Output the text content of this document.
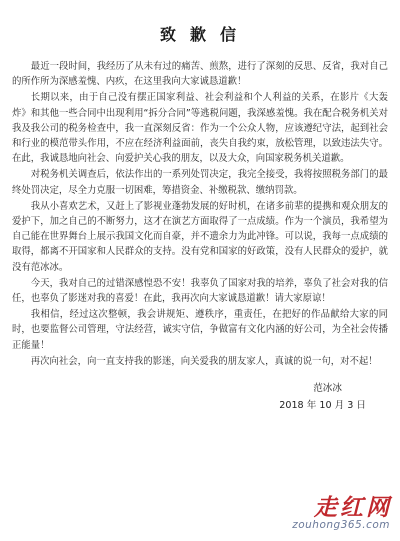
致歉信

最近一段时间，我经历了从未有过的痛苦、煎熬，进行了深刻的反思、反省，我对自己的所作所为深感羞愧、内疚，在这里我向大家诚恳道歉！

长期以来，由于自己没有摆正国家利益、社会利益和个人利益的关系，在影片《大轰炸》和其他一些合同中出现利用“拆分合同”等逃税问题，我深感羞愧。我在配合税务机关对我及我公司的税务检查中，我一直深刻反省：作为一个公众人物，应该遵纪守法，起到社会和行业的模范带头作用，不应在经济利益面前，丧失自我约束，放松管理，以致违法失守。在此，我诚恳地向社会、向爱护关心我的朋友，以及大众，向国家税务机关道歉。

对税务机关调查后，依法作出的一系列处罚决定，我完全接受，我将按照税务部门的最终处罚决定，尽全力克服一切困难，筹措资金、补缴税款、缴纳罚款。

我从小喜欢艺术，又赶上了影视业蓬勃发展的好时机，在诸多前辈的提携和观众朋友的爱护下，加之自己的不断努力，这才在演艺方面取得了一点成绩。作为一个演员，我希望为自己能在世界舞台上展示我国文化而自豪，并不遗余力为此冲锋。可以说，我每一点成绩的取得，都离不开国家和人民群众的支持。没有党和国家的好政策，没有人民群众的爱护，就没有范冰冰。

今天，我对自己的过错深感惶恐不安！我辜负了国家对我的培养，辜负了社会对我的信任，也辜负了影迷对我的喜爱！在此，我再次向大家诚恳道歉！请大家原谅！

我相信，经过这次整顿，我会讲规矩、遵秩序，重责任，在把好的作品献给大家的同时，也要监督公司管理，守法经营，诚实守信，争做富有文化内涵的好公司，为全社会传播正能量！

再次向社会，向一直支持我的影迷，向关爱我的朋友家人，真诚的说一句，对不起！

范冰冰
2018 年 10 月 3 日
走红网
zouhong365.com
